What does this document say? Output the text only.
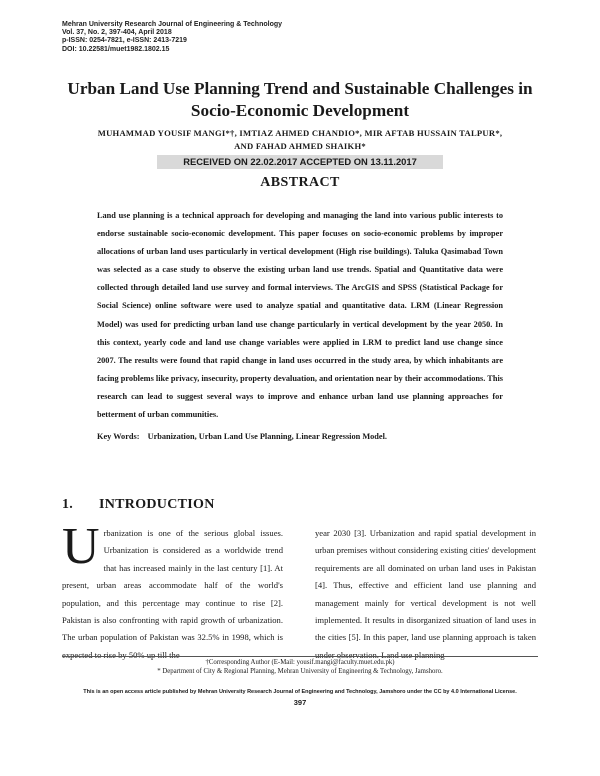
Mehran University Research Journal of Engineering & Technology
Vol. 37, No. 2, 397-404, April 2018
p-ISSN: 0254-7821, e-ISSN: 2413-7219
DOI: 10.22581/muet1982.1802.15
Urban Land Use Planning Trend and Sustainable Challenges in
Socio-Economic Development
MUHAMMAD YOUSIF MANGI*†, IMTIAZ AHMED CHANDIO*, MIR AFTAB HUSSAIN TALPUR*,
AND FAHAD AHMED SHAIKH*
RECEIVED ON 22.02.2017 ACCEPTED ON 13.11.2017
ABSTRACT

Land use planning is a technical approach for developing and managing the land into various public interests to endorse sustainable socio-economic development. This paper focuses on socio-economic problems by improper allocations of urban land uses particularly in vertical development (High rise buildings). Taluka Qasimabad Town was selected as a case study to observe the existing urban land use trends. Spatial and Quantitative data were collected through detailed land use survey and formal interviews. The ArcGIS and SPSS (Statistical Package for Social Science) online software were used to analyze spatial and quantitative data. LRM (Linear Regression Model) was used for predicting urban land use change particularly in vertical development by the year 2050. In this context, yearly code and land use change variables were applied in LRM to predict land use change since 2007. The results were found that rapid change in land uses occurred in the study area, by which inhabitants are facing problems like privacy, insecurity, property devaluation, and orientation near by their accommodations. This research can lead to suggest several ways to improve and enhance urban land use planning approaches for betterment of urban communities.

Key Words: Urbanization, Urban Land Use Planning, Linear Regression Model.
1. INTRODUCTION
Urbanization is one of the serious global issues. Urbanization is considered as a worldwide trend that has increased mainly in the last century [1]. At present, urban areas accommodate half of the world's population, and this percentage may continue to rise [2]. Pakistan is also confronting with rapid growth of urbanization. The urban population of Pakistan was 32.5% in 1998, which is expected to rise by 50% up till the
year 2030 [3]. Urbanization and rapid spatial development in urban premises without considering existing cities' development requirements are all dominated on urban land uses in Pakistan [4]. Thus, effective and efficient land use planning and management mainly for vertical development is not well implemented. It results in disorganized situation of land uses in the cities [5]. In this paper, land use planning approach is taken under observation. Land use planning
†Corresponding Author (E-Mail: yousif.mangi@faculty.muet.edu.pk)
* Department of City & Regional Planning, Mehran University of Engineering & Technology, Jamshoro.
This is an open access article published by Mehran University Research Journal of Engineering and Technology, Jamshoro under the CC by 4.0 International License.
397
